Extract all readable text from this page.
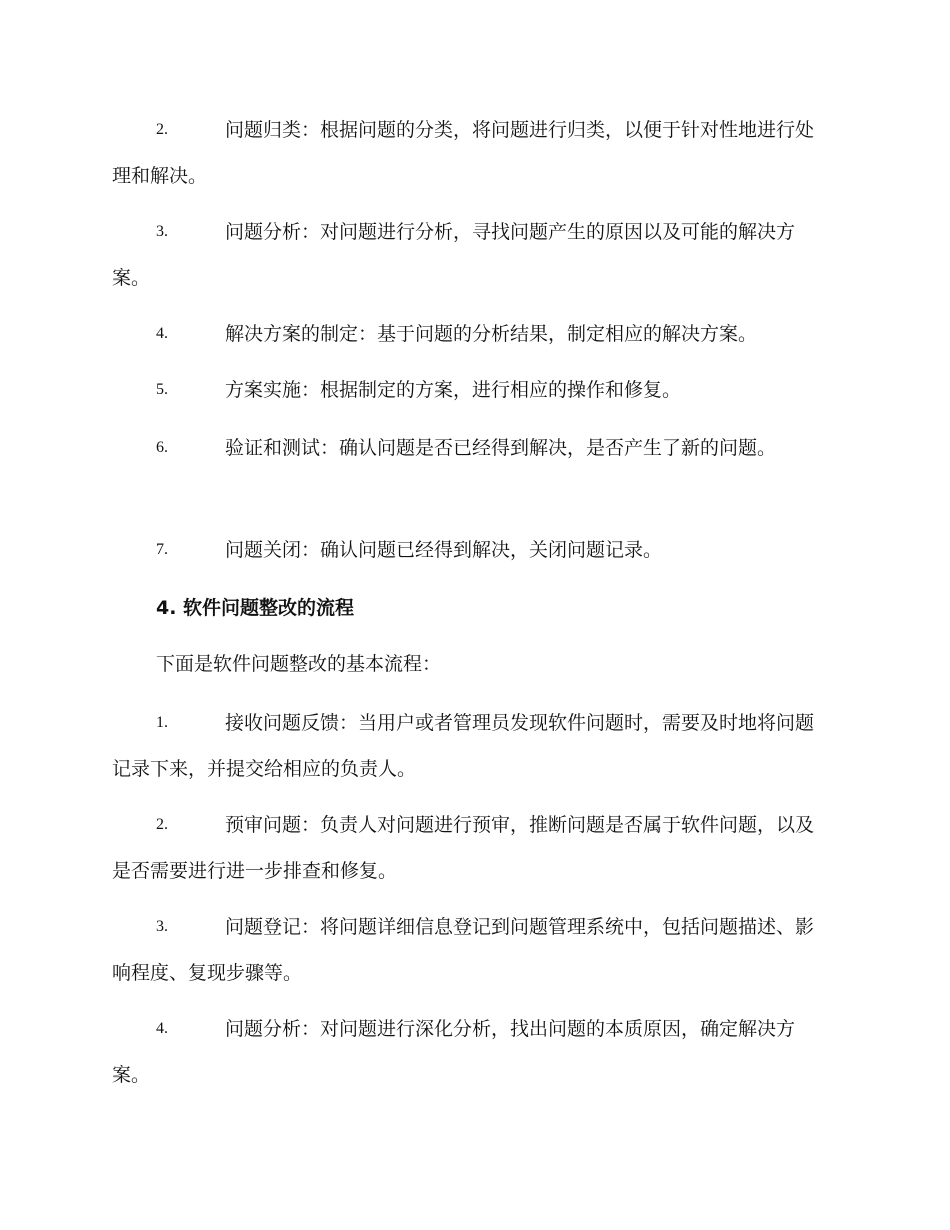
2.	问题归类：根据问题的分类，将问题进行归类，以便于针对性地进行处理和解决。
3.	问题分析：对问题进行分析，寻找问题产生的原因以及可能的解决方案。
4.	解决方案的制定：基于问题的分析结果，制定相应的解决方案。
5.	方案实施：根据制定的方案，进行相应的操作和修复。
6.	验证和测试：确认问题是否已经得到解决，是否产生了新的问题。
7.	问题关闭：确认问题已经得到解决，关闭问题记录。
4. 软件问题整改的流程
下面是软件问题整改的基本流程：
1.	接收问题反馈：当用户或者管理员发现软件问题时，需要及时地将问题记录下来，并提交给相应的负责人。
2.	预审问题：负责人对问题进行预审，推断问题是否属于软件问题，以及是否需要进行进一步排查和修复。
3.	问题登记：将问题详细信息登记到问题管理系统中，包括问题描述、影响程度、复现步骤等。
4.	问题分析：对问题进行深化分析，找出问题的本质原因，确定解决方案。
